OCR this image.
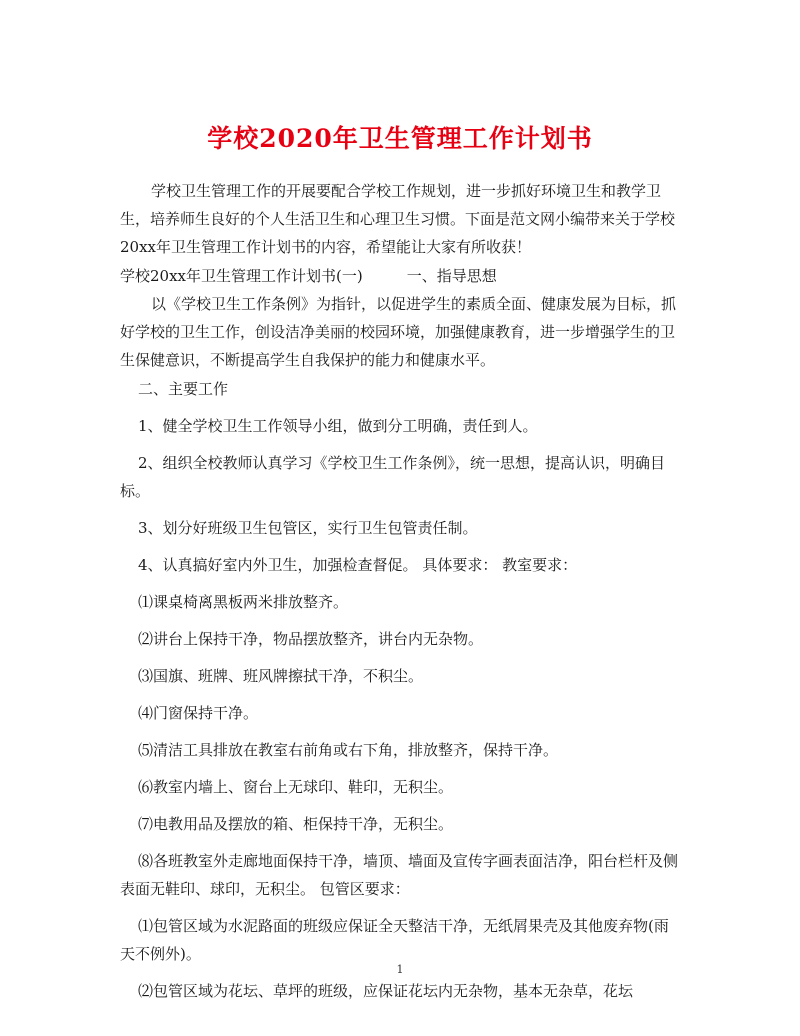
学校2020年卫生管理工作计划书

学校卫生管理工作的开展要配合学校工作规划，进一步抓好环境卫生和教学卫生，培养师生良好的个人生活卫生和心理卫生习惯。下面是范文网小编带来关于学校20xx年卫生管理工作计划书的内容，希望能让大家有所收获！

学校20xx年卫生管理工作计划书(一)	一、指导思想

以《学校卫生工作条例》为指针，以促进学生的素质全面、健康发展为目标，抓好学校的卫生工作，创设洁净美丽的校园环境，加强健康教育，进一步增强学生的卫生保健意识，不断提高学生自我保护的能力和健康水平。

二、主要工作

1、健全学校卫生工作领导小组，做到分工明确，责任到人。

2、组织全校教师认真学习《学校卫生工作条例》，统一思想，提高认识，明确目标。

3、划分好班级卫生包管区，实行卫生包管责任制。

4、认真搞好室内外卫生，加强检查督促。 具体要求： 教室要求：

⑴课桌椅离黑板两米排放整齐。

⑵讲台上保持干净，物品摆放整齐，讲台内无杂物。

⑶国旗、班牌、班风牌擦拭干净，不积尘。

⑷门窗保持干净。

⑸清洁工具排放在教室右前角或右下角，排放整齐，保持干净。

⑹教室内墙上、窗台上无球印、鞋印，无积尘。

⑺电教用品及摆放的箱、柜保持干净，无积尘。

⑻各班教室外走廊地面保持干净，墙顶、墙面及宣传字画表面洁净，阳台栏杆及侧表面无鞋印、球印，无积尘。 包管区要求：

⑴包管区域为水泥路面的班级应保证全天整洁干净，无纸屑果壳及其他废弃物(雨天不例外)。

⑵包管区域为花坛、草坪的班级，应保证花坛内无杂物，基本无杂草，花坛

1
